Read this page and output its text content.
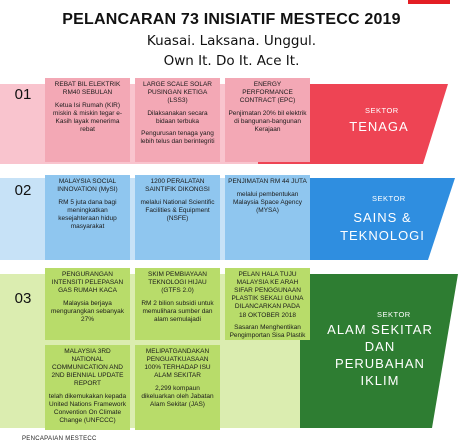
PELANCARAN 73 INISIATIF MESTECC 2019
Kuasai. Laksana. Unggul.
Own It. Do It. Ace It.
01
REBAT BIL ELEKTRIK RM40 SEBULAN
Ketua Isi Rumah (KIR) miskin & miskin tegar e-Kasih layak menerima rebat
LARGE SCALE SOLAR PUSINGAN KETIGA (LSS3)
Dilaksanakan secara bidaan terbuka
Pengurusan tenaga yang lebih telus dan berintegriti
ENERGY PERFORMANCE CONTRACT (EPC)
Penjimatan 20% bil elektrik di bangunan-bangunan Kerajaan
SEKTOR
TENAGA
02
MALAYSIA SOCIAL INNOVATION (MySI)
RM 5 juta dana bagi meningkatkan kesejahteraan hidup masyarakat
1200 PERALATAN SAINTIFIK DIKONGSI
melalui National Scientific Facilities & Equipment (NSFE)
PENJIMATAN RM 44 JUTA
melalui pembentukan Malaysia Space Agency (MYSA)
SEKTOR
SAINS &
TEKNOLOGI
03
PENGURANGAN INTENSITI PELEPASAN GAS RUMAH KACA
Malaysia berjaya mengurangkan sebanyak 27%
SKIM PEMBIAYAAN TEKNOLOGI HIJAU (GTFS 2.0)
RM 2 bilion subsidi untuk memulihara sumber dan alam semulajadi
PELAN HALA TUJU MALAYSIA KE ARAH SIFAR PENGGUNAAN PLASTIK SEKALI GUNA DILANCARKAN PADA
18 OKTOBER 2018
Sasaran Menghentikan Pengimportan Sisa Plastik
MALAYSIA 3RD NATIONAL COMMUNICATION AND 2ND BIENNIAL UPDATE REPORT
telah dikemukakan kepada United Nations Framework Convention On Climate Change (UNFCCC)
MELIPATGANDAKAN PENGUATKUASAAN 100% TERHADAP ISU ALAM SEKITAR
2,299 kompaun dikeluarkan oleh Jabatan Alam Sekitar (JAS)
SEKTOR
ALAM SEKITAR
DAN
PERUBAHAN
IKLIM
PENCAPAIAN MESTECC
